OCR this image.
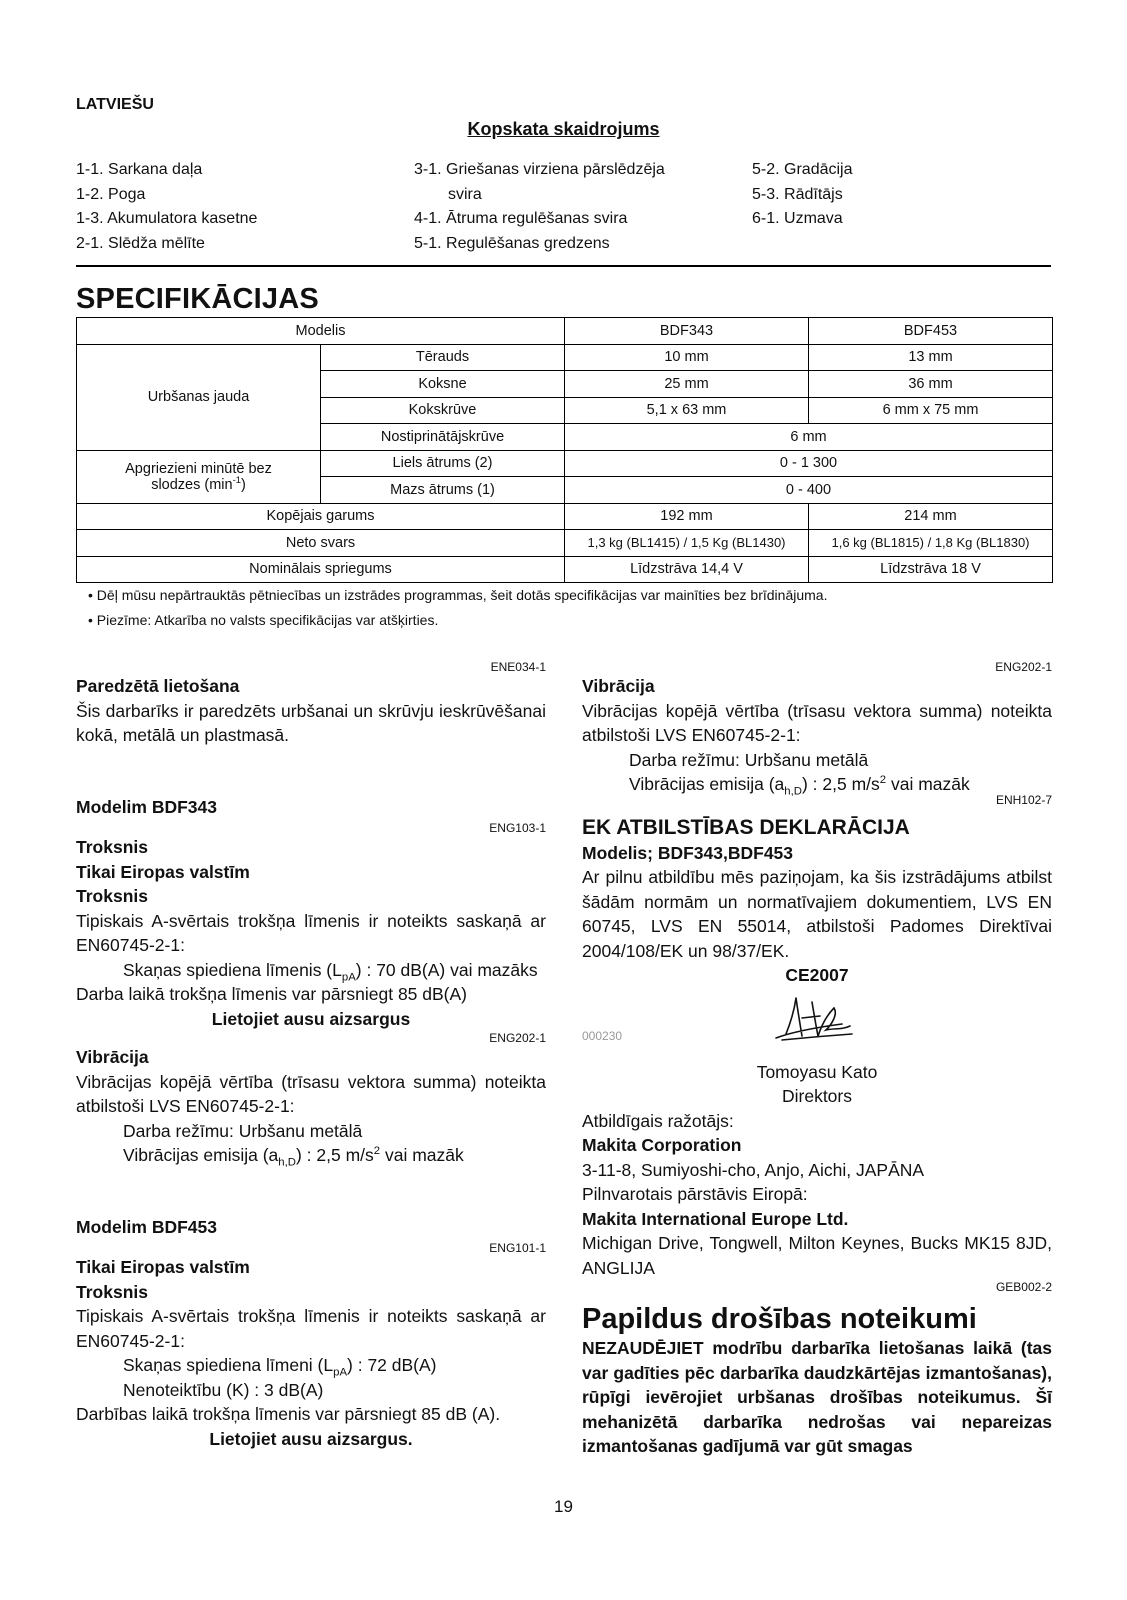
LATVIEŠU
Kopskata skaidrojums
1-1. Sarkana daļa
1-2. Poga
1-3. Akumulatora kasetne
2-1. Slēdža mēlīte
3-1. Griešanas virziena pārslēdzēja
svira
4-1. Ātruma regulēšanas svira
5-1. Regulēšanas gredzens
5-2. Gradācija
5-3. Rādītājs
6-1. Uzmava
SPECIFIKĀCIJAS
Modelis		BDF343	BDF453
Urbšanas jauda	Tērauds	10 mm	13 mm
	Koksne	25 mm	36 mm
	Kokskrūve	5,1 x 63 mm	6 mm x 75 mm
	Nostiprinātājskrūve	6 mm	

Apgriezieni minūtē bez
slodzes $(\min^{-1})$	Liels ātrums (2)	0 - 1 300	
	Mazs ātrums (1)	0 - 400	
Kopējais garums		192 mm	214 mm
Neto svars		1,3 kg (BL1415) / 1,5 Kg (BL1430)	1,6 kg (BL1815) / 1,8 Kg (BL1830)
Nominālais spriegums		Līdzstrāva 14,4 V	Līdzstrāva 18 V
• Dēļ mūsu nepārtrauktās pētniecības un izstrādes programmas, šeit dotās specifikācijas var mainīties bez brīdinājuma.
• Piezīme: Atkarība no valsts specifikācijas var atšķirties.

ENE034-1

Paredzētā lietošana

Šis darbarīks ir paredzēts urbšanai un skrūvju ieskrūvēšanai kokā, metālā un plastmasā.

Modelim BDF343

ENG103-1

Troksnis

Tikai Eiropas valstīm

Troksnis

Tipiskais A-svērtais trokšņa līmenis ir noteikts saskaņā ar EN60745-2-1:

Skaņas spiediena līmenis $(L_{pA})$ : 70 dB(A) vai mazāks

Darba laikā trokšņa līmenis var pārsniegt 85 dB(A)

Lietojiet ausu aizsargus

ENG202-1

Vibrācija

Vibrācijas kopējā vērtība (trīsasu vektora summa) noteikta atbilstoši LVS EN60745-2-1:

Darba režīmu: Urbšanu metālā

Vibrācijas emisija $(a_{h,D})$ : 2,5 $m/s^2$ vai mazāk

Modelim BDF453

ENG101-1

Tikai Eiropas valstīm

Troksnis

Tipiskais A-svērtais trokšņa līmenis ir noteikts saskaņā ar EN60745-2-1:

Skaņas spiediena līmeni $(L_{pA})$ : 72 dB(A)

Nenoteiktību (K) : 3 dB(A)

Darbības laikā trokšņa līmenis var pārsniegt 85 dB (A).

Lietojiet ausu aizsargus.

ENG202-1

Vibrācija

Vibrācijas kopējā vērtība (trīsasu vektora summa) noteikta atbilstoši LVS EN60745-2-1:

Darba režīmu: Urbšanu metālā

Vibrācijas emisija $(a_{h,D})$ : 2,5 $m/s^2$ vai mazāk

ENH102-7

EK ATBILSTĪBAS DEKLARĀCIJA

Modelis; BDF343,BDF453

Ar pilnu atbildību mēs paziņojam, ka šis izstrādājums atbilst šādām normām un normatīvajiem dokumentiem, LVS EN 60745, LVS EN 55014, atbilstoši Padomes Direktīvai 2004/108/EK un 98/37/EK.

CE2007

000230

Tomoyasu Kato

Direktors

Atbildīgais ražotājs:

Makita Corporation

3-11-8, Sumiyoshi-cho, Anjo, Aichi, JAPĀNA

Pilnvarotais pārstāvis Eiropā:

Makita International Europe Ltd.

Michigan Drive, Tongwell, Milton Keynes, Bucks MK15 8JD, ANGLIJA

GEB002-2

Papildus drošības noteikumi

NEZAUDĒJIET modrību darbarīka lietošanas laikā (tas var gadīties pēc darbarīka daudzkārtējas izmantošanas), rūpīgi ievērojiet urbšanas drošības noteikumus. Šī mehanizētā darbarīka nedrošas vai nepareizas izmantošanas gadījumā var gūt smagas

19
